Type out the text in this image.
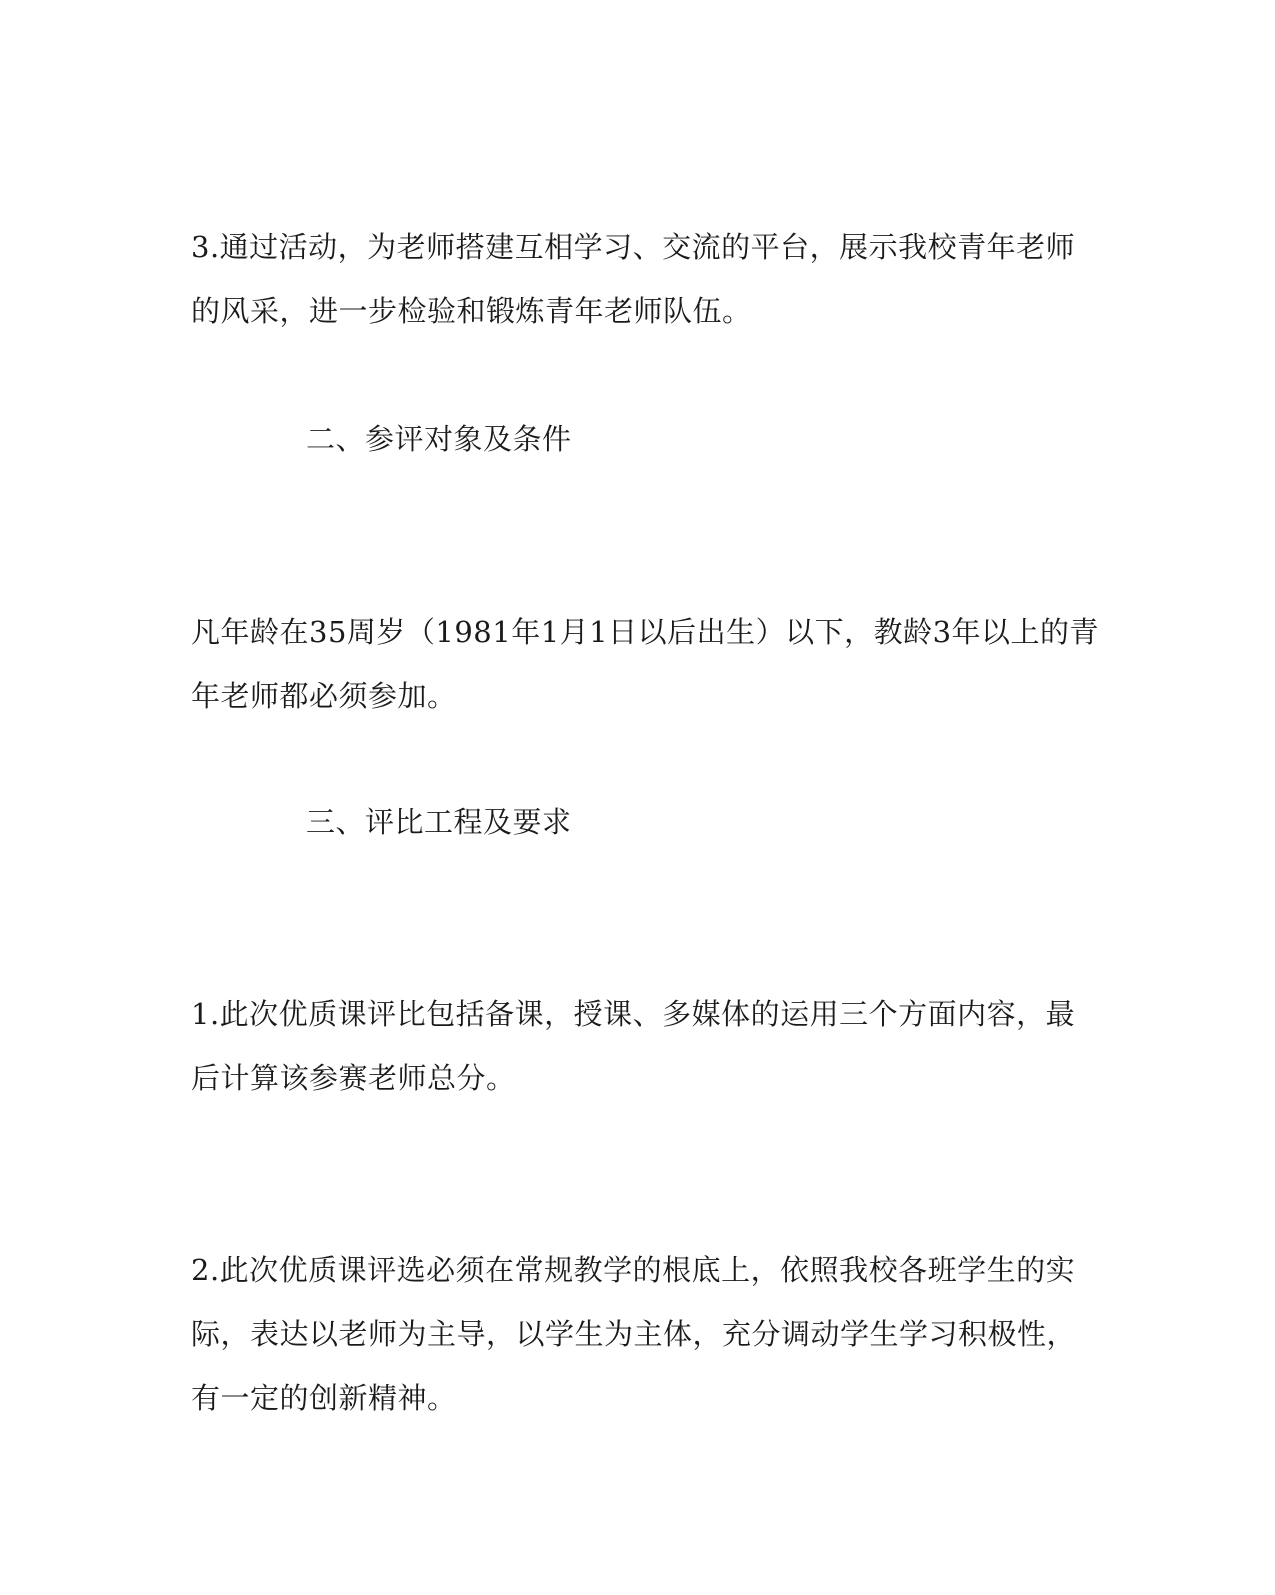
3.通过活动，为老师搭建互相学习、交流的平台，展示我校青年老师
的风采，进一步检验和锻炼青年老师队伍。
二、参评对象及条件
凡年龄在35周岁（1981年1月1日以后出生）以下，教龄3年以上的青
年老师都必须参加。
三、评比工程及要求
1.此次优质课评比包括备课，授课、多媒体的运用三个方面内容，最
后计算该参赛老师总分。
2.此次优质课评选必须在常规教学的根底上，依照我校各班学生的实
际，表达以老师为主导，以学生为主体，充分调动学生学习积极性，
有一定的创新精神。
